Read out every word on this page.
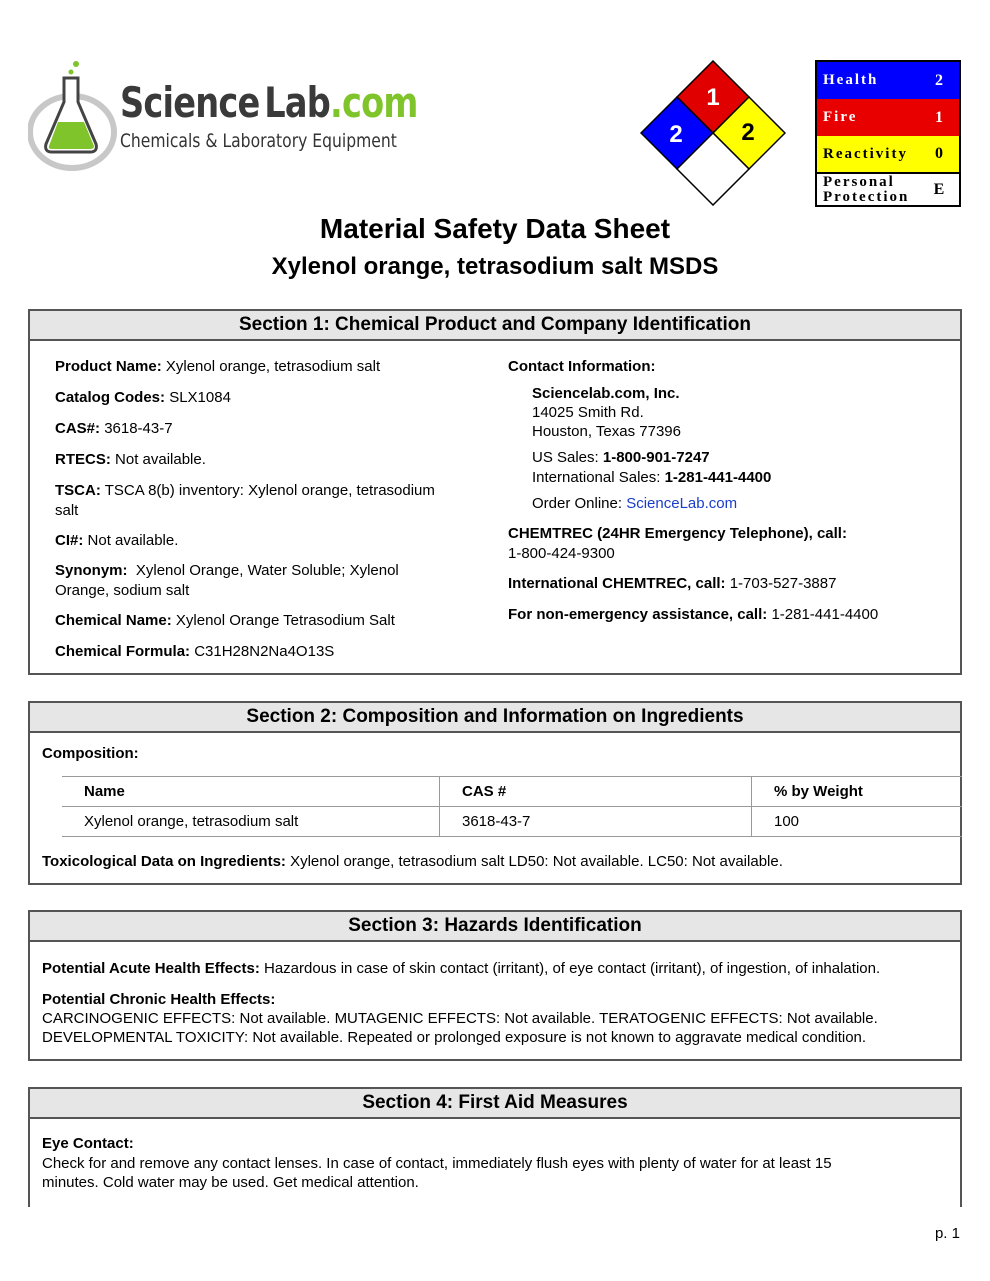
Science Lab.com
Chemicals & Laboratory Equipment
1
2 2
Health	2
Fire	1
Reactivity	0
Personal
Protection	E
Material Safety Data Sheet
Xylenol orange, tetrasodium salt MSDS
Section 1: Chemical Product and Company Identification
Product Name: Xylenol orange, tetrasodium salt
Catalog Codes: SLX1084
CAS#: 3618-43-7
RTECS: Not available.
TSCA: TSCA 8(b) inventory: Xylenol orange, tetrasodium
salt
CI#: Not available.
Synonym:  Xylenol Orange, Water Soluble; Xylenol
Orange, sodium salt
Chemical Name: Xylenol Orange Tetrasodium Salt
Chemical Formula: C31H28N2Na4O13S
Contact Information:
Sciencelab.com, Inc.
14025 Smith Rd.
Houston, Texas 77396
US Sales: 1-800-901-7247
International Sales: 1-281-441-4400
Order Online: ScienceLab.com
CHEMTREC (24HR Emergency Telephone), call:
1-800-424-9300
International CHEMTREC, call: 1-703-527-3887
For non-emergency assistance, call: 1-281-441-4400
Section 2: Composition and Information on Ingredients
Composition:
Name	CAS #	% by Weight
Xylenol orange, tetrasodium salt	3618-43-7	100
Toxicological Data on Ingredients: Xylenol orange, tetrasodium salt LD50: Not available. LC50: Not available.
Section 3: Hazards Identification
Potential Acute Health Effects: Hazardous in case of skin contact (irritant), of eye contact (irritant), of ingestion, of inhalation.
Potential Chronic Health Effects:
CARCINOGENIC EFFECTS: Not available. MUTAGENIC EFFECTS: Not available. TERATOGENIC EFFECTS: Not available.
DEVELOPMENTAL TOXICITY: Not available. Repeated or prolonged exposure is not known to aggravate medical condition.
Section 4: First Aid Measures
Eye Contact:
Check for and remove any contact lenses. In case of contact, immediately flush eyes with plenty of water for at least 15
minutes. Cold water may be used. Get medical attention.
p. 1
